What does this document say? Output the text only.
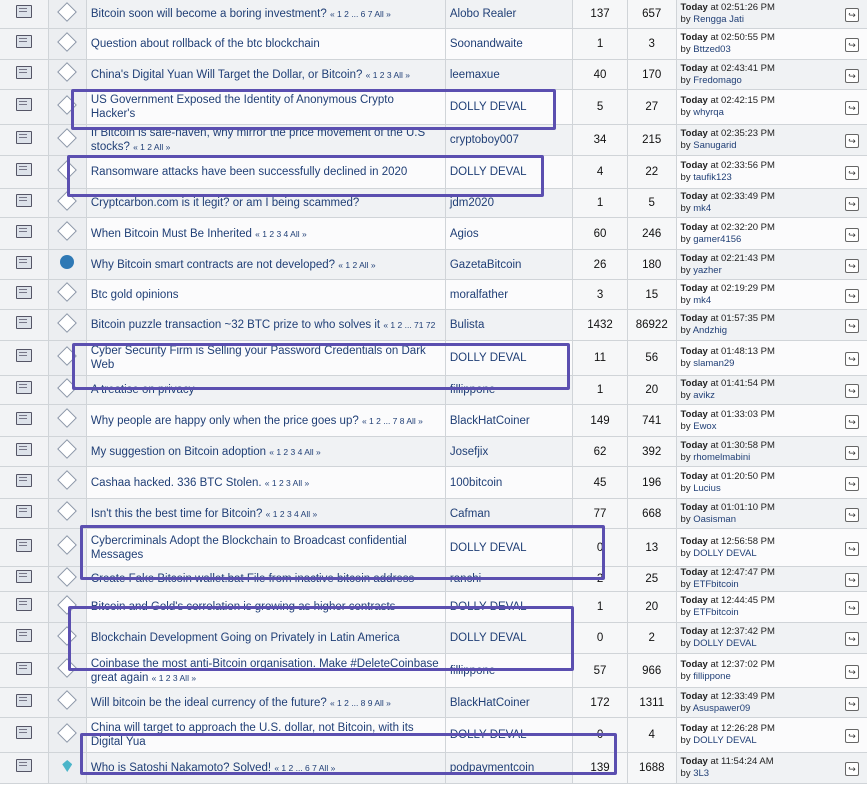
		Bitcoin soon will become a boring investment? « 1 2 ... 6 7 All »	Alobo Realer	137	657	Today at 02:51:26 PM
by Rengga Jati ↪

		Question about rollback of the btc blockchain	Soonandwaite	1	3	Today at 02:50:55 PM
by Bttzed03 ↪

		China's Digital Yuan Will Target the Dollar, or Bitcoin? « 1 2 3 All »	leemaxue	40	170	Today at 02:43:41 PM
by Fredomago ↪

		US Government Exposed the Identity of Anonymous Crypto Hacker's	DOLLY DEVAL	5	27	Today at 02:42:15 PM
by whyrqa ↪

		If Bitcoin is safe-haven, why mirror the price movement of the U.S stocks? « 1 2 All »	cryptoboy007	34	215	Today at 02:35:23 PM
by Sanugarid ↪

		Ransomware attacks have been successfully declined in 2020	DOLLY DEVAL	4	22	Today at 02:33:56 PM
by taufik123 ↪

		Cryptcarbon.com is it legit? or am I being scammed?	jdm2020	1	5	Today at 02:33:49 PM
by mk4 ↪

		When Bitcoin Must Be Inherited « 1 2 3 4 All »	Agios	60	246	Today at 02:32:20 PM
by gamer4156 ↪

		Why Bitcoin smart contracts are not developed? « 1 2 All »	GazetaBitcoin	26	180	Today at 02:21:43 PM
by yazher ↪

		Btc gold opinions	moralfather	3	15	Today at 02:19:29 PM
by mk4 ↪

		Bitcoin puzzle transaction ~32 BTC prize to who solves it « 1 2 ... 71 72	Bulista	1432	86922	Today at 01:57:35 PM
by Andzhig ↪

		Cyber Security Firm is Selling your Password Credentials on Dark Web	DOLLY DEVAL	11	56	Today at 01:48:13 PM
by slaman29 ↪

		A treatise on privacy	fillippone	1	20	Today at 01:41:54 PM
by avikz ↪

		Why people are happy only when the price goes up? « 1 2 ... 7 8 All »	BlackHatCoiner	149	741	Today at 01:33:03 PM
by Ewox ↪

		My suggestion on Bitcoin adoption « 1 2 3 4 All »	Josefjix	62	392	Today at 01:30:58 PM
by rhomelmabini ↪

		Cashaa hacked. 336 BTC Stolen. « 1 2 3 All »	100bitcoin	45	196	Today at 01:20:50 PM
by Lucius ↪

		Isn't this the best time for Bitcoin? « 1 2 3 4 All »	Cafman	77	668	Today at 01:01:10 PM
by Oasisman ↪

		Cybercriminals Adopt the Blockchain to Broadcast confidential Messages	DOLLY DEVAL	0	13	Today at 12:56:58 PM
by DOLLY DEVAL ↪

		Create Fake Bitcoin wallet.bat File from inactive bitcoin address	ranchi	2	25	Today at 12:47:47 PM
by ETFbitcoin ↪

		Bitcoin and Gold's correlation is growing as higher contrasts	DOLLY DEVAL	1	20	Today at 12:44:45 PM
by ETFbitcoin ↪

		Blockchain Development Going on Privately in Latin America	DOLLY DEVAL	0	2	Today at 12:37:42 PM
by DOLLY DEVAL ↪

		Coinbase the most anti-Bitcoin organisation. Make #DeleteCoinbase great again « 1 2 3 All »	fillippone	57	966	Today at 12:37:02 PM
by fillippone ↪

		Will bitcoin be the ideal currency of the future? « 1 2 ... 8 9 All »	BlackHatCoiner	172	1311	Today at 12:33:49 PM
by Asuspawer09 ↪

		China will target to approach the U.S. dollar, not Bitcoin, with its Digital Yua	DOLLY DEVAL	0	4	Today at 12:26:28 PM
by DOLLY DEVAL ↪

		Who is Satoshi Nakamoto? Solved! « 1 2 ... 6 7 All »	podpaymentcoin	139	1688	Today at 11:54:24 AM
by 3L3 ↪
